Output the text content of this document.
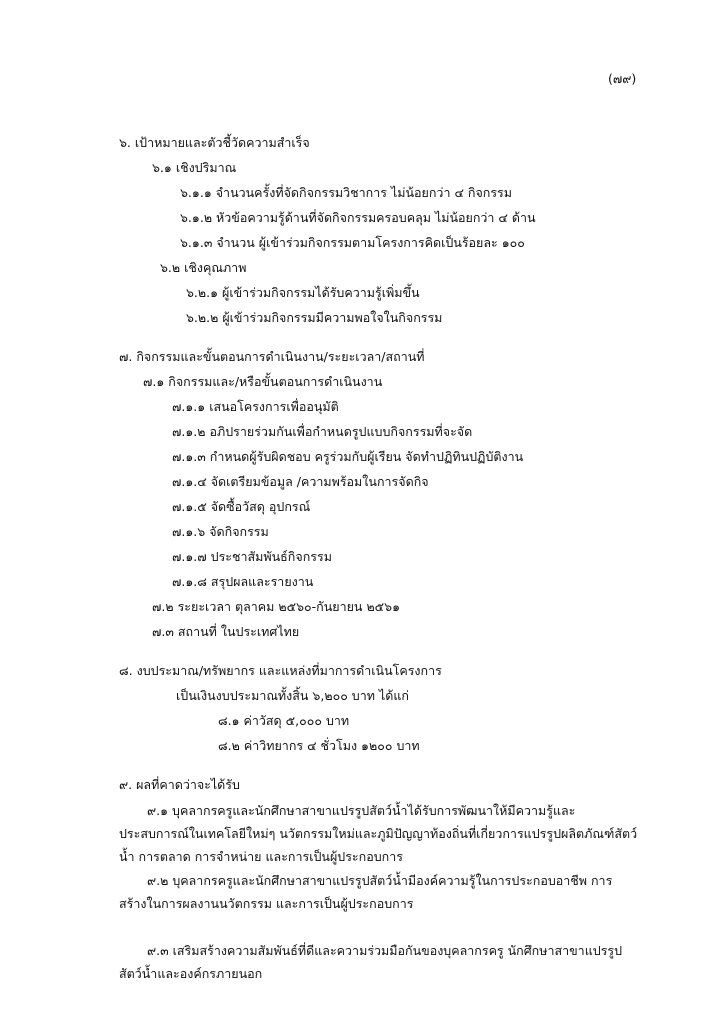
(๗๙)
๖. เป้าหมายและตัวชี้วัดความสำเร็จ
๖.๑ เชิงปริมาณ
๖.๑.๑ จำนวนครั้งที่จัดกิจกรรมวิชาการ ไม่น้อยกว่า ๔ กิจกรรม
๖.๑.๒ หัวข้อความรู้ด้านที่จัดกิจกรรมครอบคลุม ไม่น้อยกว่า ๔ ด้าน
๖.๑.๓ จำนวน ผู้เข้าร่วมกิจกรรมตามโครงการคิดเป็นร้อยละ ๑๐๐
๖.๒ เชิงคุณภาพ
๖.๒.๑ ผู้เข้าร่วมกิจกรรมได้รับความรู้เพิ่มขึ้น
๖.๒.๒ ผู้เข้าร่วมกิจกรรมมีความพอใจในกิจกรรม
๗. กิจกรรมและขั้นตอนการดำเนินงาน/ระยะเวลา/สถานที่
๗.๑ กิจกรรมและ/หรือขั้นตอนการดำเนินงาน
๗.๑.๑ เสนอโครงการเพื่ออนุมัติ
๗.๑.๒ อภิปรายร่วมกันเพื่อกำหนดรูปแบบกิจกรรมที่จะจัด
๗.๑.๓ กำหนดผู้รับผิดชอบ ครูร่วมกับผู้เรียน จัดทำปฏิทินปฏิบัติงาน
๗.๑.๔ จัดเตรียมข้อมูล /ความพร้อมในการจัดกิจ
๗.๑.๕ จัดซื้อวัสดุ อุปกรณ์
๗.๑.๖ จัดกิจกรรม
๗.๑.๗ ประชาสัมพันธ์กิจกรรม
๗.๑.๘ สรุปผลและรายงาน
๗.๒ ระยะเวลา ตุลาคม ๒๕๖๐-กันยายน ๒๕๖๑
๗.๓ สถานที่ ในประเทศไทย
๘. งบประมาณ/ทรัพยากร และแหล่งที่มาการดำเนินโครงการ
เป็นเงินงบประมาณทั้งสิ้น ๖,๒๐๐ บาท ได้แก่
๘.๑ ค่าวัสดุ ๕,๐๐๐ บาท
๘.๒ ค่าวิทยากร ๔ ชั่วโมง ๑๒๐๐ บาท
๙. ผลที่คาดว่าจะได้รับ
๙.๑ บุคลากรครูและนักศึกษาสาขาแปรรูปสัตว์น้ำได้รับการพัฒนาให้มีความรู้และประสบการณ์ในเทคโลยีใหม่ๆ นวัตกรรมใหม่และภูมิปัญญาท้องถิ่นที่เกี่ยวการแปรรูปผลิตภัณฑ์สัตว์น้ำ การตลาด การจำหน่าย และการเป็นผู้ประกอบการ
๙.๒ บุคลากรครูและนักศึกษาสาขาแปรรูปสัตว์น้ำมีองค์ความรู้ในการประกอบอาชีพ การสร้างในการผลงานนวัตกรรม และการเป็นผู้ประกอบการ
๙.๓ เสริมสร้างความสัมพันธ์ที่ดีและความร่วมมือกันของบุคลากรครู นักศึกษาสาขาแปรรูปสัตว์น้ำและองค์กรภายนอก
